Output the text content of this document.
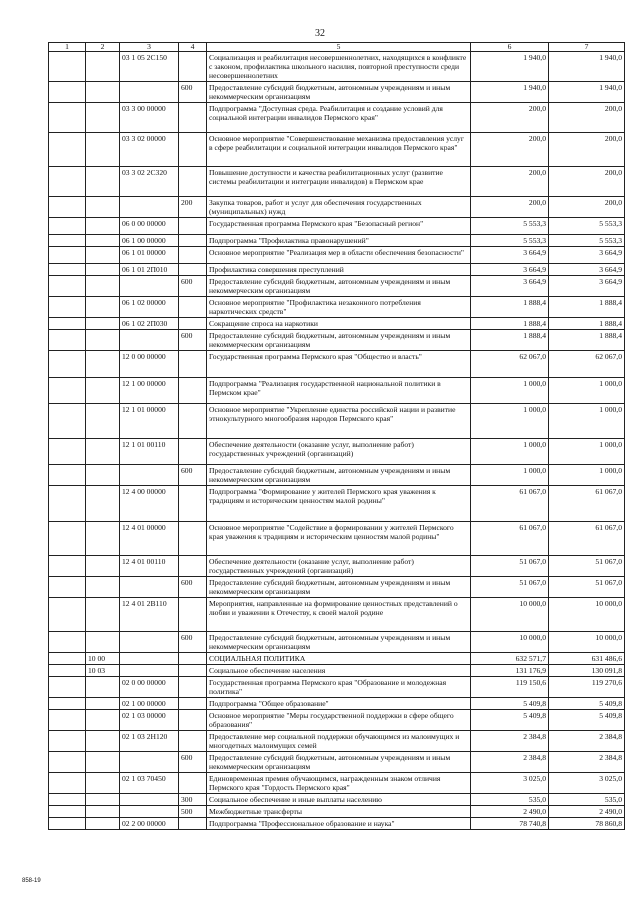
32
1	2	3	4	5	6	7
		03 1 05 2С150		Социализация и реабилитация несовершеннолетних, находящихся в конфликте с законом, профилактика школьного насилия, повторной преступности среди несовершеннолетних	1 940,0	1 940,0
			600	Предоставление субсидий бюджетным, автономным учреждениям и иным некоммерческим организациям	1 940,0	1 940,0
		03 3 00 00000		Подпрограмма "Доступная среда. Реабилитация и создание условий для социальной интеграции инвалидов Пермского края"	200,0	200,0
		03 3 02 00000		Основное мероприятие "Совершенствование механизма предоставления услуг в сфере реабилитации и социальной интеграции инвалидов Пермского края"	200,0	200,0
		03 3 02 2С320		Повышение доступности и качества реабилитационных услуг (развитие системы реабилитации и интеграции инвалидов) в Пермском крае	200,0	200,0
			200	Закупка товаров, работ и услуг для обеспечения государственных (муниципальных) нужд	200,0	200,0
		06 0 00 00000		Государственная программа Пермского края "Безопасный регион"	5 553,3	5 553,3
		06 1 00 00000		Подпрограмма "Профилактика правонарушений"	5 553,3	5 553,3
		06 1 01 00000		Основное мероприятие "Реализация мер в области обеспечения безопасности"	3 664,9	3 664,9
		06 1 01 2П010		Профилактика совершения преступлений	3 664,9	3 664,9
			600	Предоставление субсидий бюджетным, автономным учреждениям и иным некоммерческим организациям	3 664,9	3 664,9
		06 1 02 00000		Основное мероприятие "Профилактика незаконного потребления наркотических средств"	1 888,4	1 888,4
		06 1 02 2П030		Сокращение спроса на наркотики	1 888,4	1 888,4
			600	Предоставление субсидий бюджетным, автономным учреждениям и иным некоммерческим организациям	1 888,4	1 888,4
		12 0 00 00000		Государственная программа Пермского края "Общество и власть"	62 067,0	62 067,0
		12 1 00 00000		Подпрограмма "Реализация государственной национальной политики в Пермском крае"	1 000,0	1 000,0
		12 1 01 00000		Основное мероприятие "Укрепление единства российской нации и развитие этнокультурного многообразия народов Пермского края"	1 000,0	1 000,0
		12 1 01 00110		Обеспечение деятельности (оказание услуг, выполнение работ) государственных учреждений (организаций)	1 000,0	1 000,0
			600	Предоставление субсидий бюджетным, автономным учреждениям и иным некоммерческим организациям	1 000,0	1 000,0
		12 4 00 00000		Подпрограмма "Формирование у жителей Пермского края уважения к традициям и историческим ценностям малой родины"	61 067,0	61 067,0
		12 4 01 00000		Основное мероприятие "Содействие в формировании у жителей Пермского края уважения к традициям и историческим ценностям малой родины"	61 067,0	61 067,0
		12 4 01 00110		Обеспечение деятельности (оказание услуг, выполнение работ) государственных учреждений (организаций)	51 067,0	51 067,0
			600	Предоставление субсидий бюджетным, автономным учреждениям и иным некоммерческим организациям	51 067,0	51 067,0
		12 4 01 2В110		Мероприятия, направленные на формирование ценностных представлений о любви и уважении к Отечеству, к своей малой родине	10 000,0	10 000,0
			600	Предоставление субсидий бюджетным, автономным учреждениям и иным некоммерческим организациям	10 000,0	10 000,0
	10 00			СОЦИАЛЬНАЯ ПОЛИТИКА	632 571,7	631 486,6
	10 03			Социальное обеспечение населения	131 176,9	130 091,8
		02 0 00 00000		Государственная программа Пермского края "Образование и молодежная политика"	119 150,6	119 270,6
		02 1 00 00000		Подпрограмма "Общее образование"	5 409,8	5 409,8
		02 1 03 00000		Основное мероприятие "Меры государственной поддержки в сфере общего образования"	5 409,8	5 409,8
		02 1 03 2Н120		Предоставление мер социальной поддержки обучающимся из малоимущих и многодетных малоимущих семей	2 384,8	2 384,8
			600	Предоставление субсидий бюджетным, автономным учреждениям и иным некоммерческим организациям	2 384,8	2 384,8
		02 1 03 70450		Единовременная премия обучающимся, награжденным знаком отличия Пермского края "Гордость Пермского края"	3 025,0	3 025,0
			300	Социальное обеспечение и иные выплаты населению	535,0	535,0
			500	Межбюджетные трансферты	2 490,0	2 490,0
		02 2 00 00000		Подпрограмма "Профессиональное образование и наука"	78 740,8	78 860,8
858-19
